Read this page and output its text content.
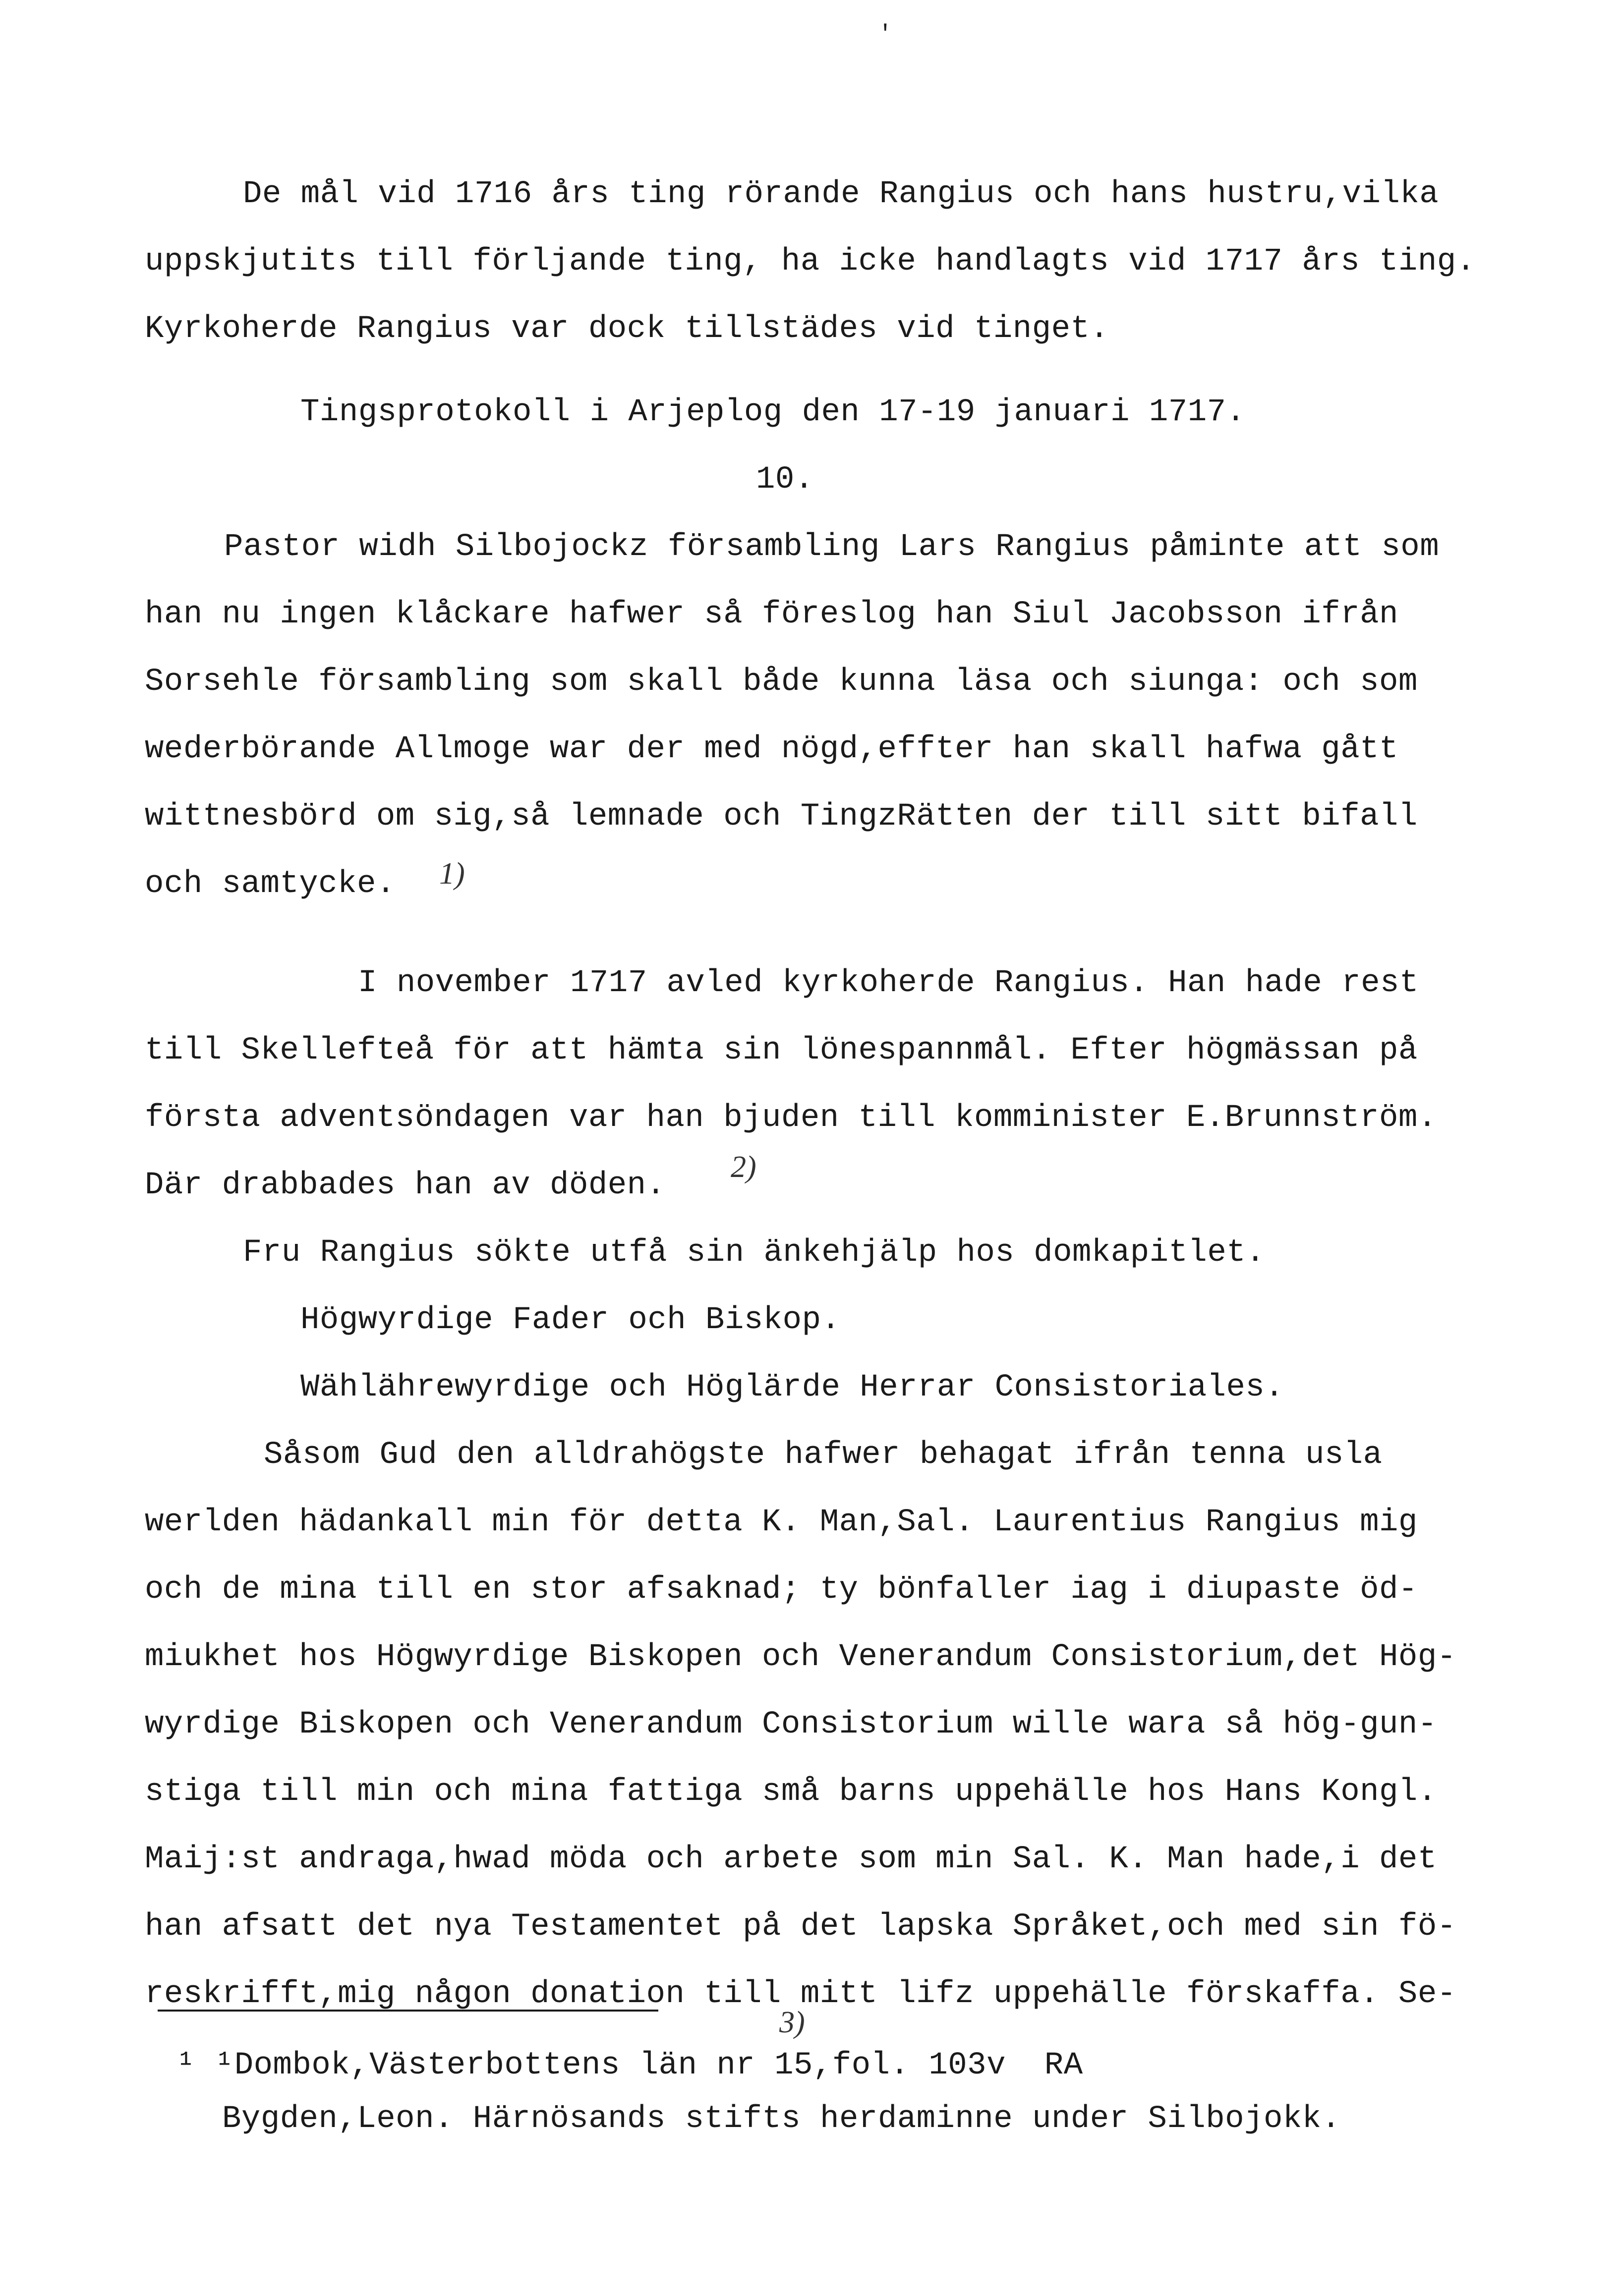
'
De mål vid 1716 års ting rörande Rangius och hans hustru,vilka
uppskjutits till förljande ting, ha icke handlagts vid 1717 års ting.
Kyrkoherde Rangius var dock tillstädes vid tinget.
Tingsprotokoll i Arjeplog den 17-19 januari 1717.
10.
Pastor widh Silbojockz försambling Lars Rangius påminte att som
han nu ingen klåckare hafwer så föreslog han Siul Jacobsson ifrån
Sorsehle försambling som skall både kunna läsa och siunga: och som
wederbörande Allmoge war der med nögd,effter han skall hafwa gått
wittnesbörd om sig,så lemnade och TingzRätten der till sitt bifall
och samtycke. 1)
I november 1717 avled kyrkoherde Rangius. Han hade rest
till Skellefteå för att hämta sin lönespannmål. Efter högmässan på
första adventsöndagen var han bjuden till komminister E.Brunnström.
Där drabbades han av döden.
2)
Fru Rangius sökte utfå sin änkehjälp hos domkapitlet.
Högwyrdige Fader och Biskop.
Wählährewyrdige och Höglärde Herrar Consistoriales.
Såsom Gud den alldrahögste hafwer behagat ifrån tenna usla
werlden hädankall min för detta K. Man,Sal. Laurentius Rangius mig
och de mina till en stor afsaknad; ty bönfaller iag i diupaste öd-
miukhet hos Högwyrdige Biskopen och Venerandum Consistorium,det Hög-
wyrdige Biskopen och Venerandum Consistorium wille wara så hög-gun-
stiga till min och mina fattiga små barns uppehälle hos Hans Kongl.
Maij:st andraga,hwad möda och arbete som min Sal. K. Man hade,i det
han afsatt det nya Testamentet på det lapska Språket,och med sin fö-
reskrifft,mig någon donation till mitt lifz uppehälle förskaffa. Se-
3)
¹ ¹Dombok,Västerbottens län nr 15,fol. 103v  RA
Bygden,Leon. Härnösands stifts herdaminne under Silbojokk.
